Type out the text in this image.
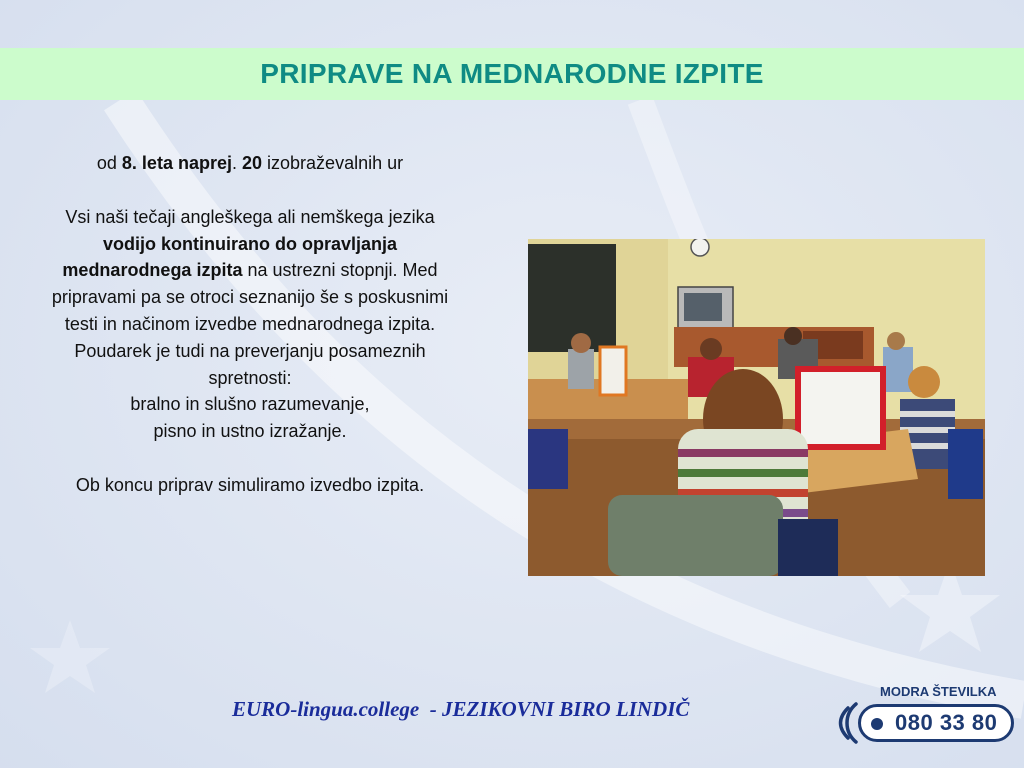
PRIPRAVE NA MEDNARODNE IZPITE

od 8. leta naprej. 20 izobraževalnih ur

Vsi naši tečaji angleškega ali nemškega jezika vodijo kontinuirano do opravljanja mednarodnega izpita na ustrezni stopnji. Med pripravami pa se otroci seznanijo še s poskusnimi testi in načinom izvedbe mednarodnega izpita. Poudarek je tudi na preverjanju posameznih spretnosti:

bralno in slušno razumevanje,

pisno in ustno izražanje.

Ob koncu priprav simuliramo izvedbo izpita.

EURO-lingua.college  - JEZIKOVNI BIRO LINDIČ
MODRA ŠTEVILKA
080 33 80
